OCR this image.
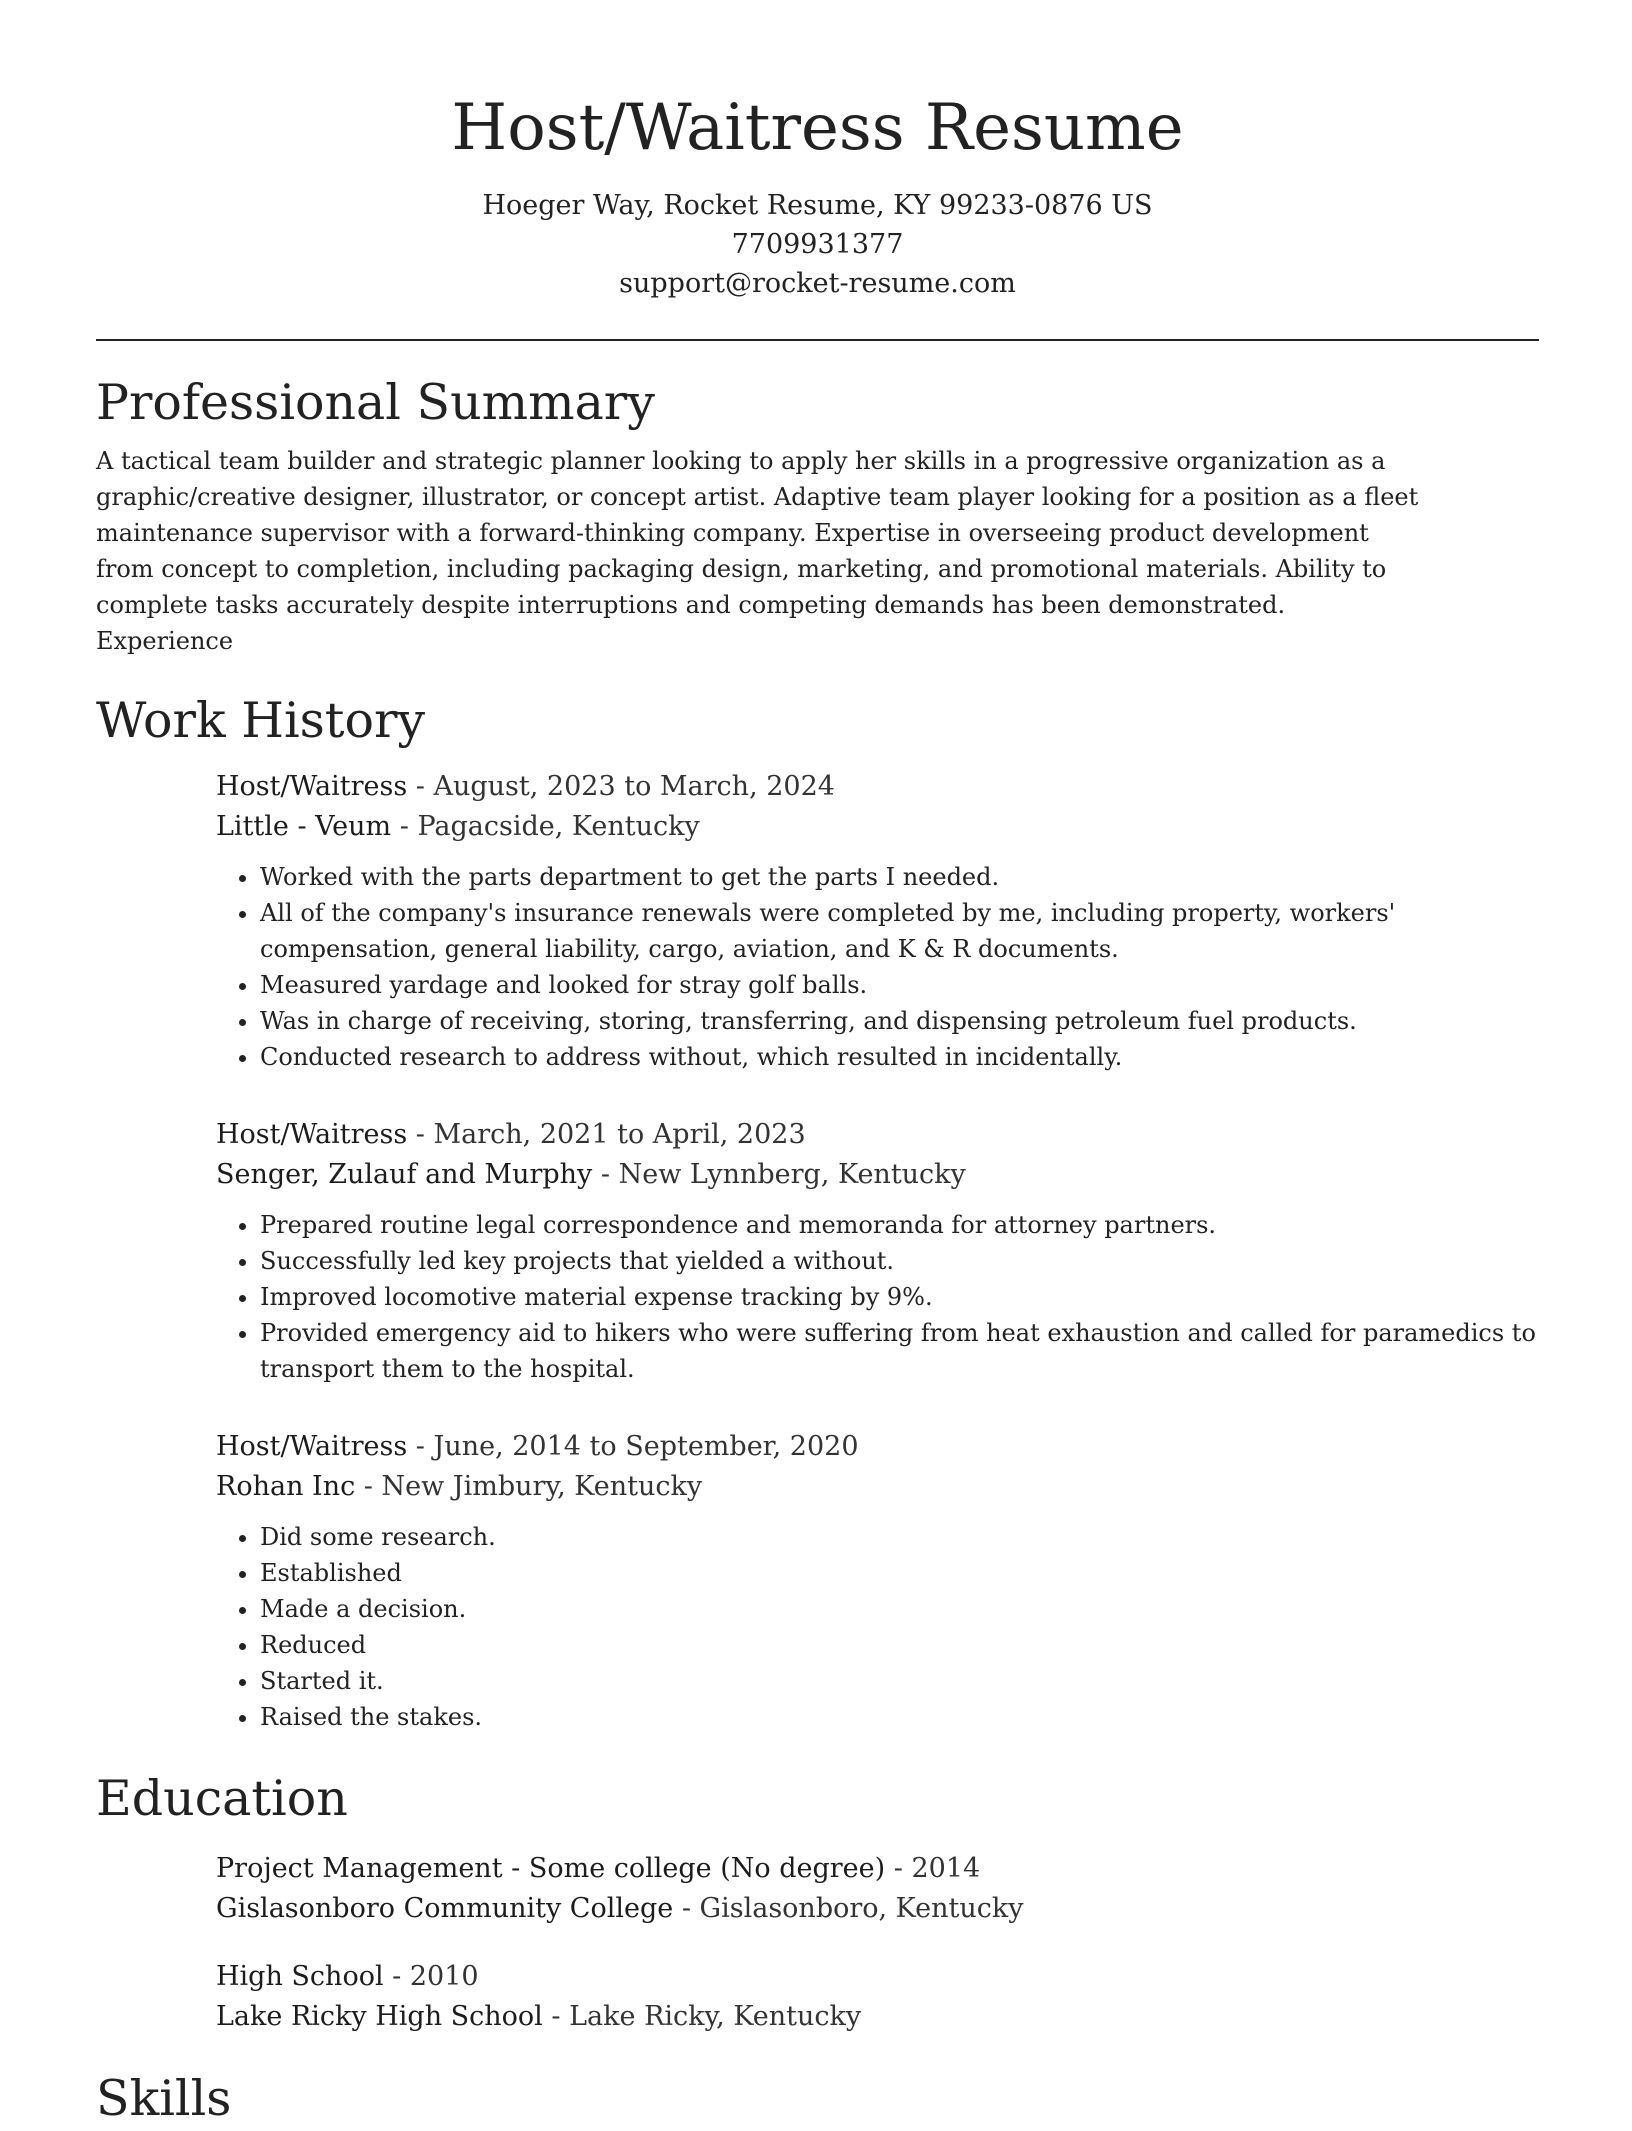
Host/Waitress Resume

Hoeger Way, Rocket Resume, KY 99233-0876 US

7709931377

support@rocket-resume.com

Professional Summary

A tactical team builder and strategic planner looking to apply her skills in a progressive organization as a graphic/creative designer, illustrator, or concept artist. Adaptive team player looking for a position as a fleet maintenance supervisor with a forward-thinking company. Expertise in overseeing product development from concept to completion, including packaging design, marketing, and promotional materials. Ability to complete tasks accurately despite interruptions and competing demands has been demonstrated. Experience

Work History

Host/Waitress - August, 2023 to March, 2024

Little - Veum - Pagacside, Kentucky

• Worked with the parts department to get the parts I needed.
• All of the company's insurance renewals were completed by me, including property, workers' compensation, general liability, cargo, aviation, and K & R documents.
• Measured yardage and looked for stray golf balls.
• Was in charge of receiving, storing, transferring, and dispensing petroleum fuel products.
• Conducted research to address without, which resulted in incidentally.

Host/Waitress - March, 2021 to April, 2023

Senger, Zulauf and Murphy - New Lynnberg, Kentucky

• Prepared routine legal correspondence and memoranda for attorney partners.
• Successfully led key projects that yielded a without.
• Improved locomotive material expense tracking by 9%.
• Provided emergency aid to hikers who were suffering from heat exhaustion and called for paramedics to transport them to the hospital.

Host/Waitress - June, 2014 to September, 2020

Rohan Inc - New Jimbury, Kentucky

• Did some research.
• Established
• Made a decision.
• Reduced
• Started it.
• Raised the stakes.
Education

Project Management - Some college (No degree) - 2014

Gislasonboro Community College - Gislasonboro, Kentucky

High School - 2010

Lake Ricky High School - Lake Ricky, Kentucky

Skills
